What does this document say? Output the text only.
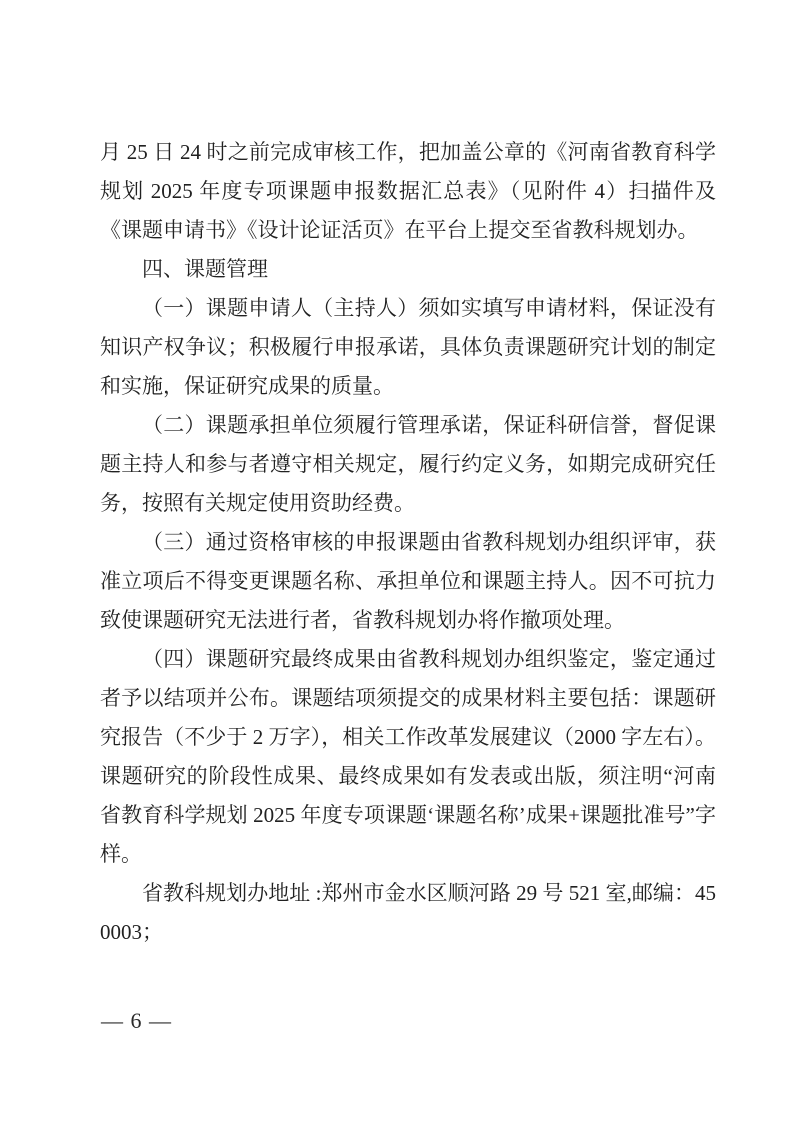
月 25 日 24 时之前完成审核工作，把加盖公章的《河南省教育科学规划 2025 年度专项课题申报数据汇总表》（见附件 4）扫描件及《课题申请书》《设计论证活页》在平台上提交至省教科规划办。

四、课题管理

（一）课题申请人（主持人）须如实填写申请材料，保证没有知识产权争议；积极履行申报承诺，具体负责课题研究计划的制定和实施，保证研究成果的质量。

（二）课题承担单位须履行管理承诺，保证科研信誉，督促课题主持人和参与者遵守相关规定，履行约定义务，如期完成研究任务，按照有关规定使用资助经费。

（三）通过资格审核的申报课题由省教科规划办组织评审，获准立项后不得变更课题名称、承担单位和课题主持人。因不可抗力致使课题研究无法进行者，省教科规划办将作撤项处理。

（四）课题研究最终成果由省教科规划办组织鉴定，鉴定通过者予以结项并公布。课题结项须提交的成果材料主要包括：课题研究报告（不少于 2 万字），相关工作改革发展建议（2000 字左右）。课题研究的阶段性成果、最终成果如有发表或出版，须注明“河南省教育科学规划 2025 年度专项课题‘课题名称’成果+课题批准号”字样。

省教科规划办地址 :郑州市金水区顺河路 29 号 521 室,邮编：450003；

— 6 —
